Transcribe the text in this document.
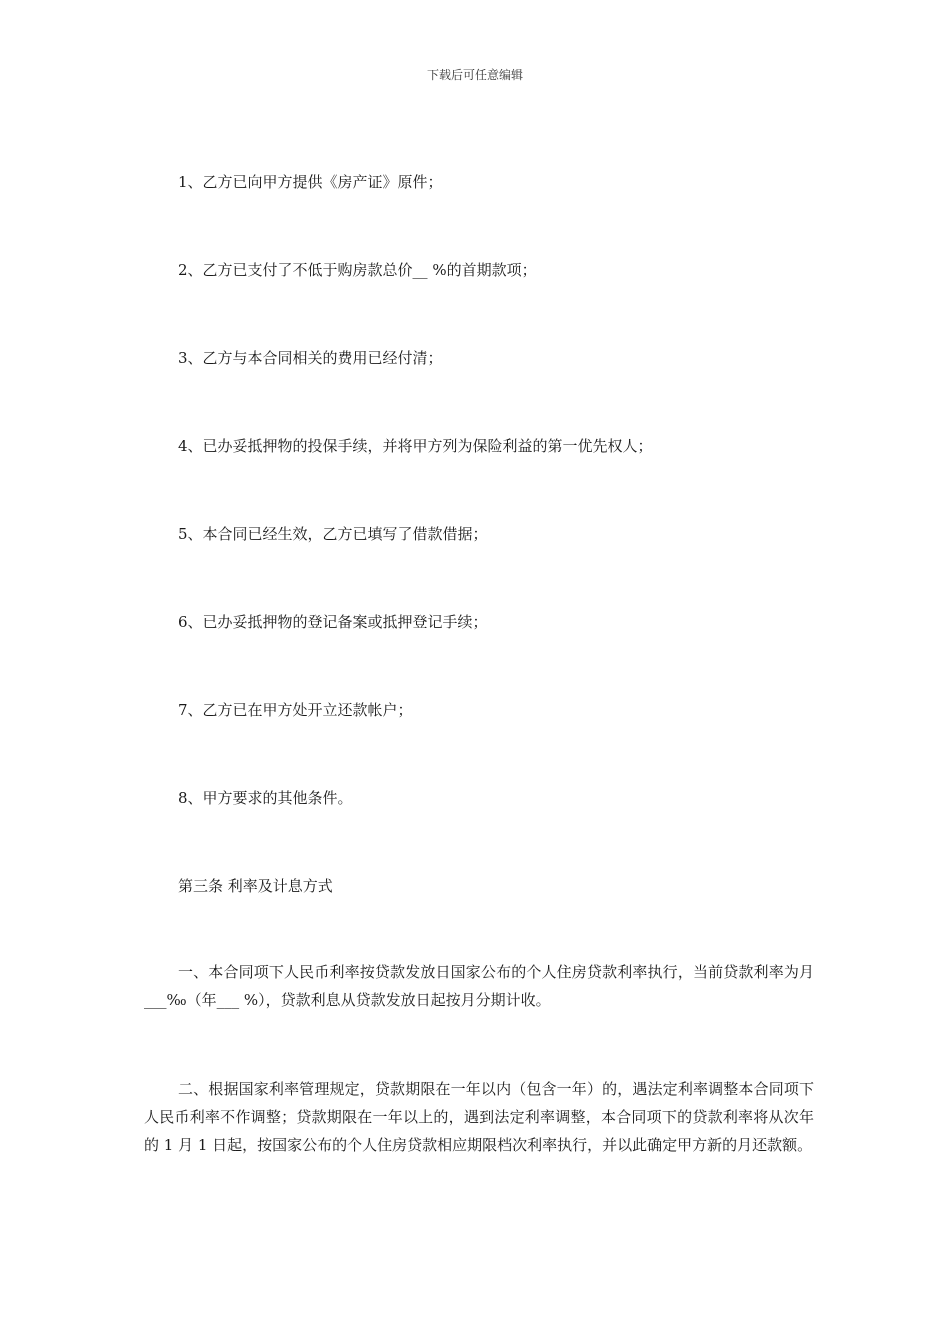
下载后可任意编辑
1、乙方已向甲方提供《房产证》原件；
2、乙方已支付了不低于购房款总价__ %的首期款项；
3、乙方与本合同相关的费用已经付清；
4、已办妥抵押物的投保手续，并将甲方列为保险利益的第一优先权人；
5、本合同已经生效，乙方已填写了借款借据；
6、已办妥抵押物的登记备案或抵押登记手续；
7、乙方已在甲方处开立还款帐户；
8、甲方要求的其他条件。
第三条 利率及计息方式
一、本合同项下人民币利率按贷款发放日国家公布的个人住房贷款利率执行，当前贷款利率为月 ___‰（年___ %），贷款利息从贷款发放日起按月分期计收。
二、根据国家利率管理规定，贷款期限在一年以内（包含一年）的，遇法定利率调整本合同项下人民币利率不作调整；贷款期限在一年以上的，遇到法定利率调整，本合同项下的贷款利率将从次年的 1 月 1 日起，按国家公布的个人住房贷款相应期限档次利率执行，并以此确定甲方新的月还款额。
